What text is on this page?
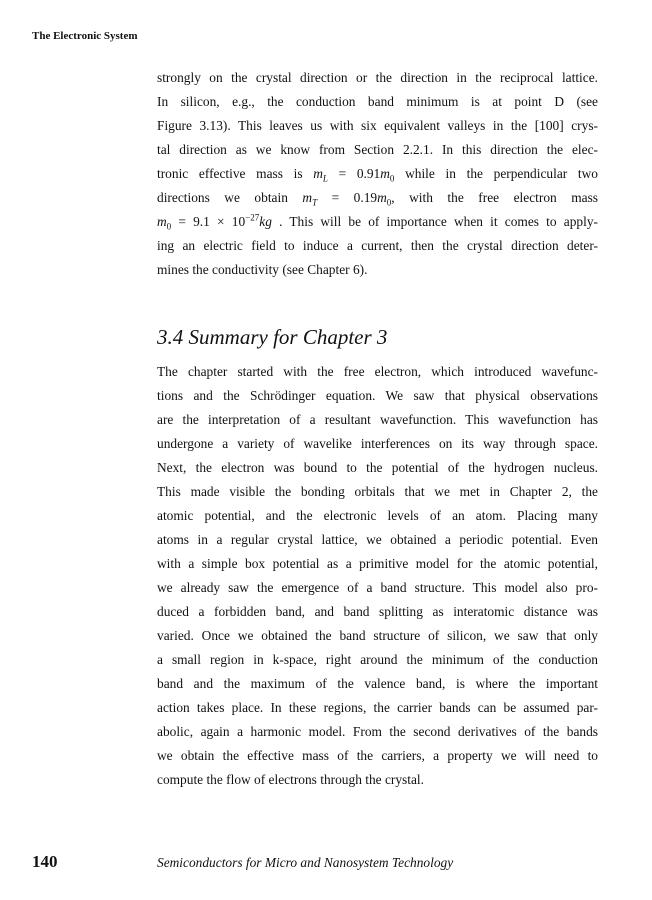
The Electronic System

strongly on the crystal direction or the direction in the reciprocal lattice.

In silicon, e.g., the conduction band minimum is at point D (see

Figure 3.13). This leaves us with six equivalent valleys in the [100] crys-

tal direction as we know from Section 2.2.1. In this direction the elec-

tronic effective mass is $m_L = 0.91m_0$ while in the perpendicular two

directions we obtain $m_T = 0.19m_0$, with the free electron mass

$m_0 = 9.1 \times 10^{-27}kg$ . This will be of importance when it comes to apply-

ing an electric field to induce a current, then the crystal direction deter-

mines the conductivity (see Chapter 6).

3.4 Summary for Chapter 3

The chapter started with the free electron, which introduced wavefunc-

tions and the Schrödinger equation. We saw that physical observations

are the interpretation of a resultant wavefunction. This wavefunction has

undergone a variety of wavelike interferences on its way through space.

Next, the electron was bound to the potential of the hydrogen nucleus.

This made visible the bonding orbitals that we met in Chapter 2, the

atomic potential, and the electronic levels of an atom. Placing many

atoms in a regular crystal lattice, we obtained a periodic potential. Even

with a simple box potential as a primitive model for the atomic potential,

we already saw the emergence of a band structure. This model also pro-

duced a forbidden band, and band splitting as interatomic distance was

varied. Once we obtained the band structure of silicon, we saw that only

a small region in k-space, right around the minimum of the conduction

band and the maximum of the valence band, is where the important

action takes place. In these regions, the carrier bands can be assumed par-

abolic, again a harmonic model. From the second derivatives of the bands

we obtain the effective mass of the carriers, a property we will need to

compute the flow of electrons through the crystal.

140	Semiconductors for Micro and Nanosystem Technology
